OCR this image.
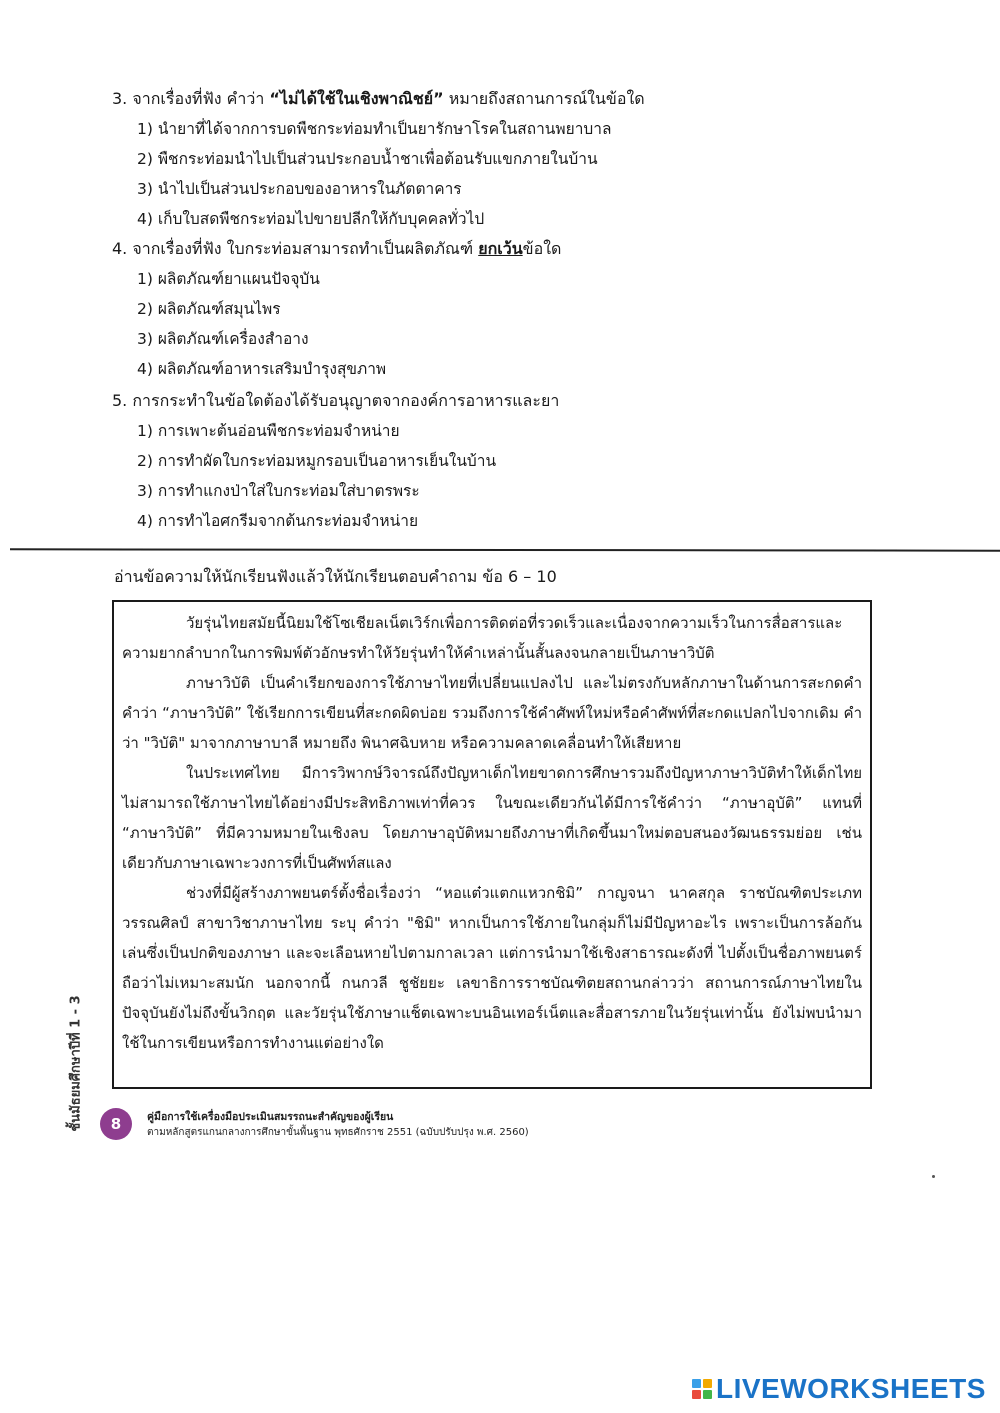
3. จากเรื่องที่ฟัง คำว่า “ไม่ได้ใช้ในเชิงพาณิชย์” หมายถึงสถานการณ์ในข้อใด
1) นำยาที่ได้จากการบดพืชกระท่อมทำเป็นยารักษาโรคในสถานพยาบาล
2) พืชกระท่อมนำไปเป็นส่วนประกอบน้ำชาเพื่อต้อนรับแขกภายในบ้าน
3) นำไปเป็นส่วนประกอบของอาหารในภัตตาคาร
4) เก็บใบสดพืชกระท่อมไปขายปลีกให้กับบุคคลทั่วไป
4. จากเรื่องที่ฟัง ใบกระท่อมสามารถทำเป็นผลิตภัณฑ์ ยกเว้นข้อใด
1) ผลิตภัณฑ์ยาแผนปัจจุบัน
2) ผลิตภัณฑ์สมุนไพร
3) ผลิตภัณฑ์เครื่องสำอาง
4) ผลิตภัณฑ์อาหารเสริมบำรุงสุขภาพ
5. การกระทำในข้อใดต้องได้รับอนุญาตจากองค์การอาหารและยา
1) การเพาะต้นอ่อนพืชกระท่อมจำหน่าย
2) การทำผัดใบกระท่อมหมูกรอบเป็นอาหารเย็นในบ้าน
3) การทำแกงป่าใส่ใบกระท่อมใส่บาตรพระ
4) การทำไอศกรีมจากต้นกระท่อมจำหน่าย
อ่านข้อความให้นักเรียนฟังแล้วให้นักเรียนตอบคำถาม ข้อ 6 – 10

วัยรุ่นไทยสมัยนี้นิยมใช้โซเชียลเน็ตเวิร์กเพื่อการติดต่อที่รวดเร็วและเนื่องจากความเร็วในการสื่อสารและความยากลำบากในการพิมพ์ตัวอักษรทำให้วัยรุ่นทำให้คำเหล่านั้นสั้นลงจนกลายเป็นภาษาวิบัติ

ภาษาวิบัติ เป็นคำเรียกของการใช้ภาษาไทยที่เปลี่ยนแปลงไป และไม่ตรงกับหลักภาษาในด้านการสะกดคำ คำว่า “ภาษาวิบัติ” ใช้เรียกการเขียนที่สะกดผิดบ่อย รวมถึงการใช้คำศัพท์ใหม่หรือคำศัพท์ที่สะกดแปลกไปจากเดิม คำว่า "วิบัติ" มาจากภาษาบาลี หมายถึง พินาศฉิบหาย หรือความคลาดเคลื่อนทำให้เสียหาย

ในประเทศไทย มีการวิพากษ์วิจารณ์ถึงปัญหาเด็กไทยขาดการศึกษารวมถึงปัญหาภาษาวิบัติทำให้เด็กไทย ไม่สามารถใช้ภาษาไทยได้อย่างมีประสิทธิภาพเท่าที่ควร ในขณะเดียวกันได้มีการใช้คำว่า “ภาษาอุบัติ” แทนที่ “ภาษาวิบัติ” ที่มีความหมายในเชิงลบ โดยภาษาอุบัติหมายถึงภาษาที่เกิดขึ้นมาใหม่ตอบสนองวัฒนธรรมย่อย เช่นเดียวกับภาษาเฉพาะวงการที่เป็นศัพท์สแลง

ช่วงที่มีผู้สร้างภาพยนตร์ตั้งชื่อเรื่องว่า “หอแต๋วแตกแหวกชิมิ” กาญจนา นาคสกุล ราชบัณฑิตประเภทวรรณศิลป์ สาขาวิชาภาษาไทย ระบุ คำว่า "ชิมิ" หากเป็นการใช้ภายในกลุ่มก็ไม่มีปัญหาอะไร เพราะเป็นการล้อกันเล่นซึ่งเป็นปกติของภาษา และจะเลือนหายไปตามกาลเวลา แต่การนำมาใช้เชิงสาธารณะดังที่ ไปตั้งเป็นชื่อภาพยนตร์ ถือว่าไม่เหมาะสมนัก นอกจากนี้ กนกวลี ชูชัยยะ เลขาธิการราชบัณฑิตยสถานกล่าวว่า สถานการณ์ภาษาไทยในปัจจุบันยังไม่ถึงขั้นวิกฤต และวัยรุ่นใช้ภาษาแช็ตเฉพาะบนอินเทอร์เน็ตและสื่อสารภายในวัยรุ่นเท่านั้น ยังไม่พบนำมาใช้ในการเขียนหรือการทำงานแต่อย่างใด

ชั้นมัธยมศึกษาปีที่ 1 - 3	8	คู่มือการใช้เครื่องมือประเมินสมรรถนะสำคัญของผู้เรียน
ตามหลักสูตรแกนกลางการศึกษาขั้นพื้นฐาน พุทธศักราช 2551 (ฉบับปรับปรุง พ.ศ. 2560)
LIVEWORKSHEETS
